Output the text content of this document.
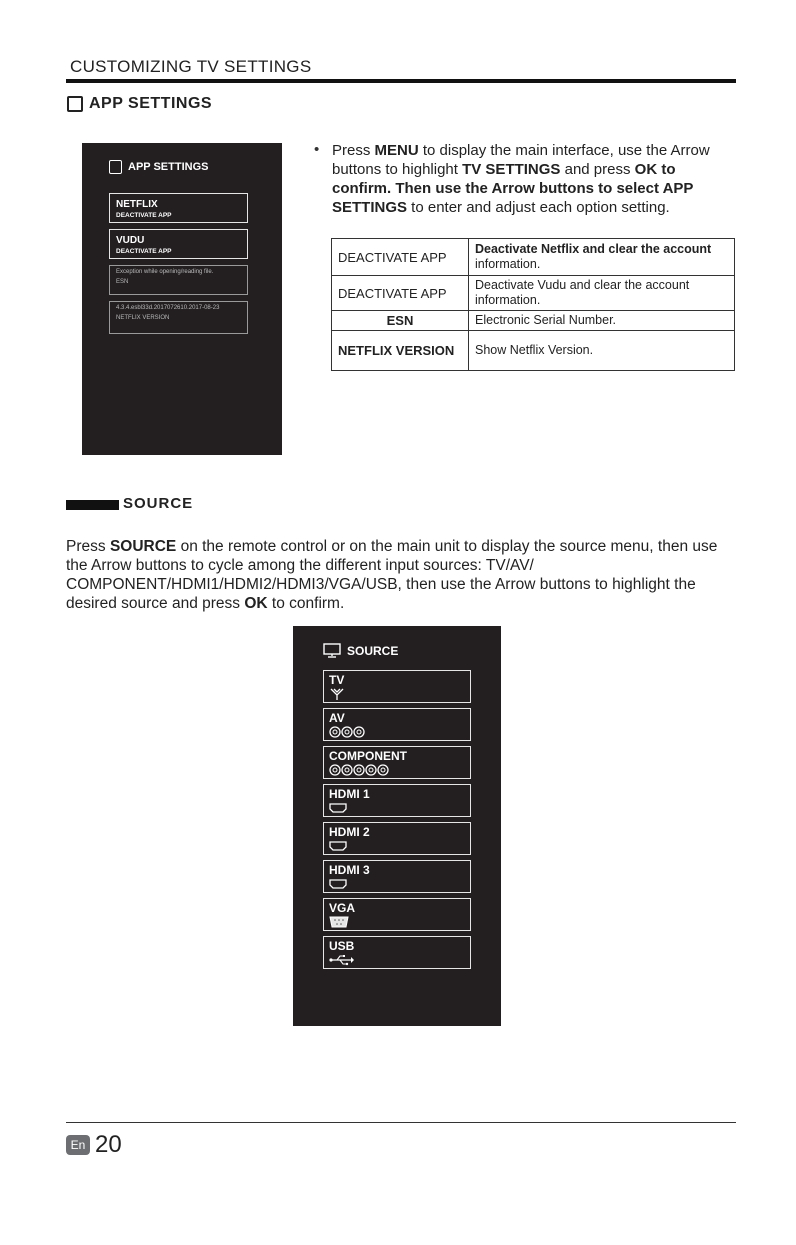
CUSTOMIZING TV SETTINGS
APP SETTINGS
APP SETTINGS
NETFLIX
DEACTIVATE APP
VUDU
DEACTIVATE APP
Exception while opening/reading file.
ESN
4.3.4.esbl33d.2017072610.2017-08-23
NETFLIX VERSION
• Press MENU to display the main interface, use the Arrow buttons to highlight TV SETTINGS and press OK to confirm. Then use the Arrow buttons to select APP SETTINGS to enter and adjust each option setting.
DEACTIVATE APP	Deactivate Netflix and clear the account
information.

DEACTIVATE APP	Deactivate Vudu and clear the account information.
ESN	Electronic Serial Number.
NETFLIX VERSION	Show Netflix Version.
SOURCE
Press SOURCE on the remote control or on the main unit to display the source menu, then use the Arrow buttons to cycle among the different input sources: TV/AV/ COMPONENT/HDMI1/HDMI2/HDMI3/VGA/USB, then use the Arrow buttons to highlight the desired source and press OK to confirm.
SOURCE
TV
AV
COMPONENT
HDMI 1
HDMI 2
HDMI 3
VGA
USB
En 20
